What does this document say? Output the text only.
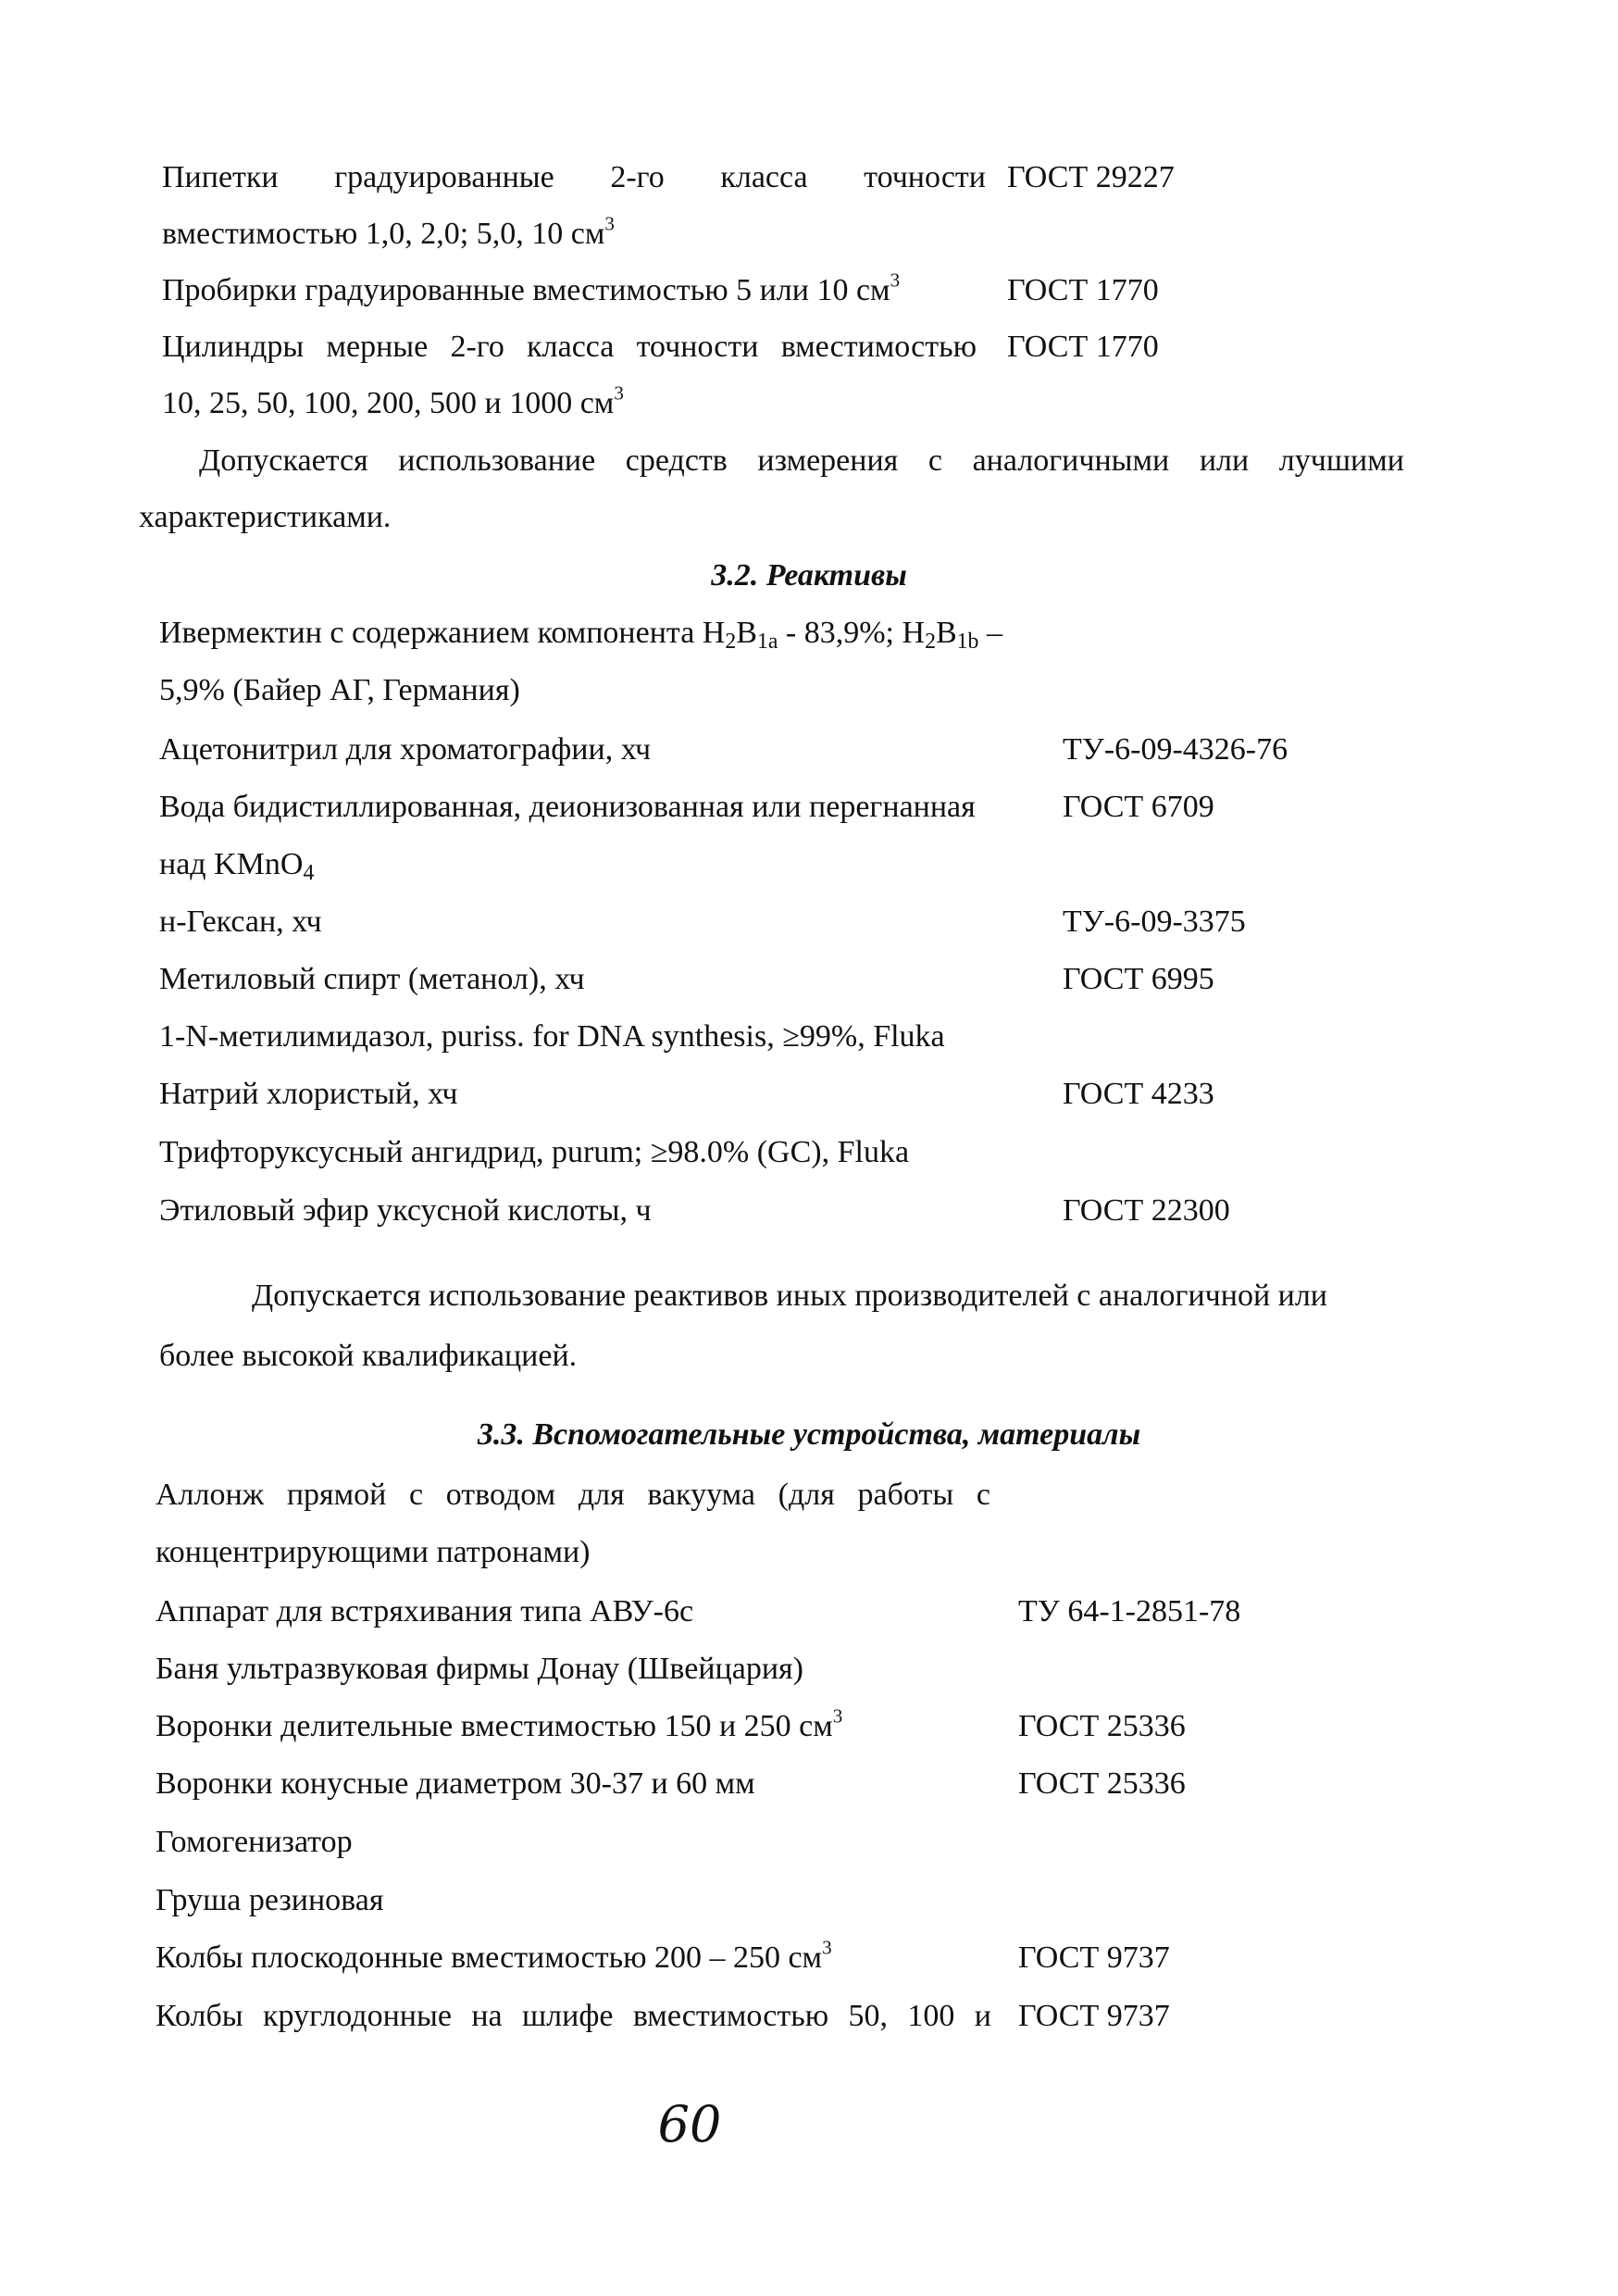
Пипетки градуированные 2-го класса точности ГОСТ 29227
вместимостью 1,0, 2,0; 5,0, 10 $см^3$
Пробирки градуированные вместимостью 5 или 10 $см^3$	ГОСТ 1770
Цилиндры мерные 2-го класса точности вместимостью ГОСТ 1770
10, 25, 50, 100, 200, 500 и 1000 $см^3$
Допускается использование средств измерения с аналогичными или лучшими
характеристиками.
3.2. Реактивы
Ивермектин с содержанием компонента $H_2B_{1a} - 83,9\%$; $H_2B_{1b}$ –
5,9% (Байер АГ, Германия)
Ацетонитрил для хроматографии, хч	ТУ-6-09-4326-76
Вода бидистиллированная, деионизованная или перегнанная	ГОСТ 6709
над KMnO$_4$
н-Гексан, хч	ТУ-6-09-3375
Метиловый спирт (метанол), хч	ГОСТ 6995
1-N-метилимидазол, puriss. for DNA synthesis, ≥99%, Fluka
Натрий хлористый, хч	ГОСТ 4233
Трифторуксусный ангидрид, purum; ≥98.0% (GC), Fluka
Этиловый эфир уксусной кислоты, ч	ГОСТ 22300
Допускается использование реактивов иных производителей с аналогичной или
более высокой квалификацией.
3.3. Вспомогательные устройства, материалы
Аллонж прямой с отводом для вакуума (для работы с
концентрирующими патронами)
Аппарат для встряхивания типа АВУ-6с	ТУ 64-1-2851-78
Баня ультразвуковая фирмы Донау (Швейцария)
Воронки делительные вместимостью 150 и 250 $см^3$	ГОСТ 25336
Воронки конусные диаметром 30-37 и 60 мм	ГОСТ 25336
Гомогенизатор
Груша резиновая
Колбы плоскодонные вместимостью 200 – 250 $см^3$	ГОСТ 9737
Колбы круглодонные на шлифе вместимостью 50, 100 и ГОСТ 9737
60
